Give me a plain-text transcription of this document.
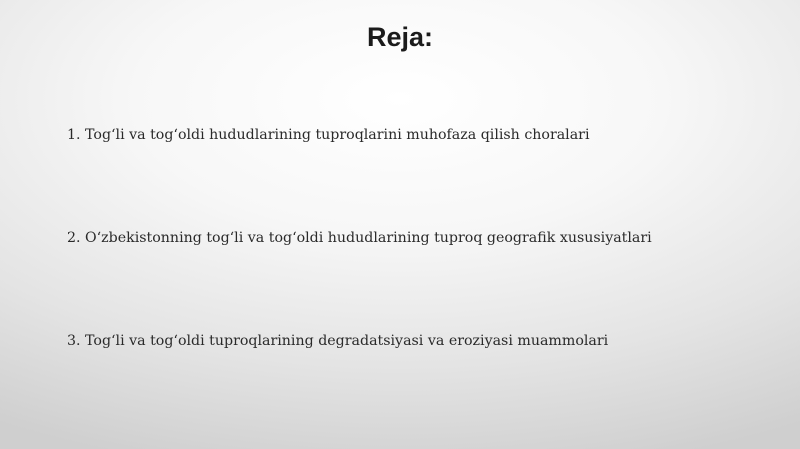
Reja:

1. Tog‘li va tog‘oldi hududlarining tuproqlarini muhofaza qilish choralari

2. O‘zbekistonning tog‘li va tog‘oldi hududlarining tuproq geografik xususiyatlari

3. Tog‘li va tog‘oldi tuproqlarining degradatsiyasi va eroziyasi muammolari
